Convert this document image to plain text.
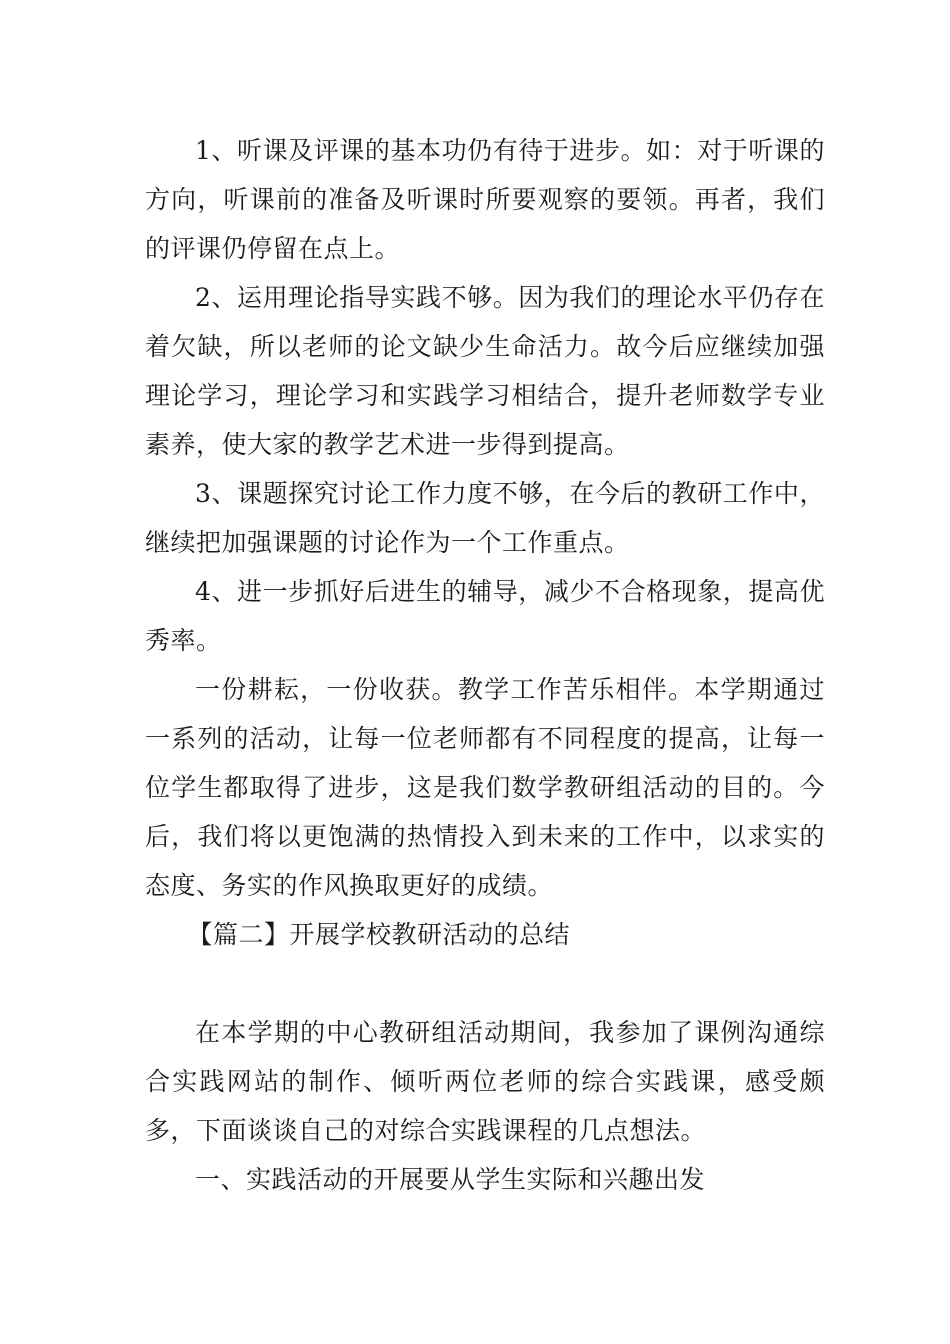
1、听课及评课的基本功仍有待于进步。如：对于听课的方向，听课前的准备及听课时所要观察的要领。再者，我们的评课仍停留在点上。

2、运用理论指导实践不够。因为我们的理论水平仍存在着欠缺，所以老师的论文缺少生命活力。故今后应继续加强理论学习，理论学习和实践学习相结合，提升老师数学专业素养，使大家的教学艺术进一步得到提高。

3、课题探究讨论工作力度不够，在今后的教研工作中，继续把加强课题的讨论作为一个工作重点。

4、进一步抓好后进生的辅导，减少不合格现象，提高优秀率。

一份耕耘，一份收获。教学工作苦乐相伴。本学期通过一系列的活动，让每一位老师都有不同程度的提高，让每一位学生都取得了进步，这是我们数学教研组活动的目的。今后，我们将以更饱满的热情投入到未来的工作中，以求实的态度、务实的作风换取更好的成绩。

【篇二】开展学校教研活动的总结

在本学期的中心教研组活动期间，我参加了课例沟通综合实践网站的制作、倾听两位老师的综合实践课，感受颇多，下面谈谈自己的对综合实践课程的几点想法。

一、实践活动的开展要从学生实际和兴趣出发
